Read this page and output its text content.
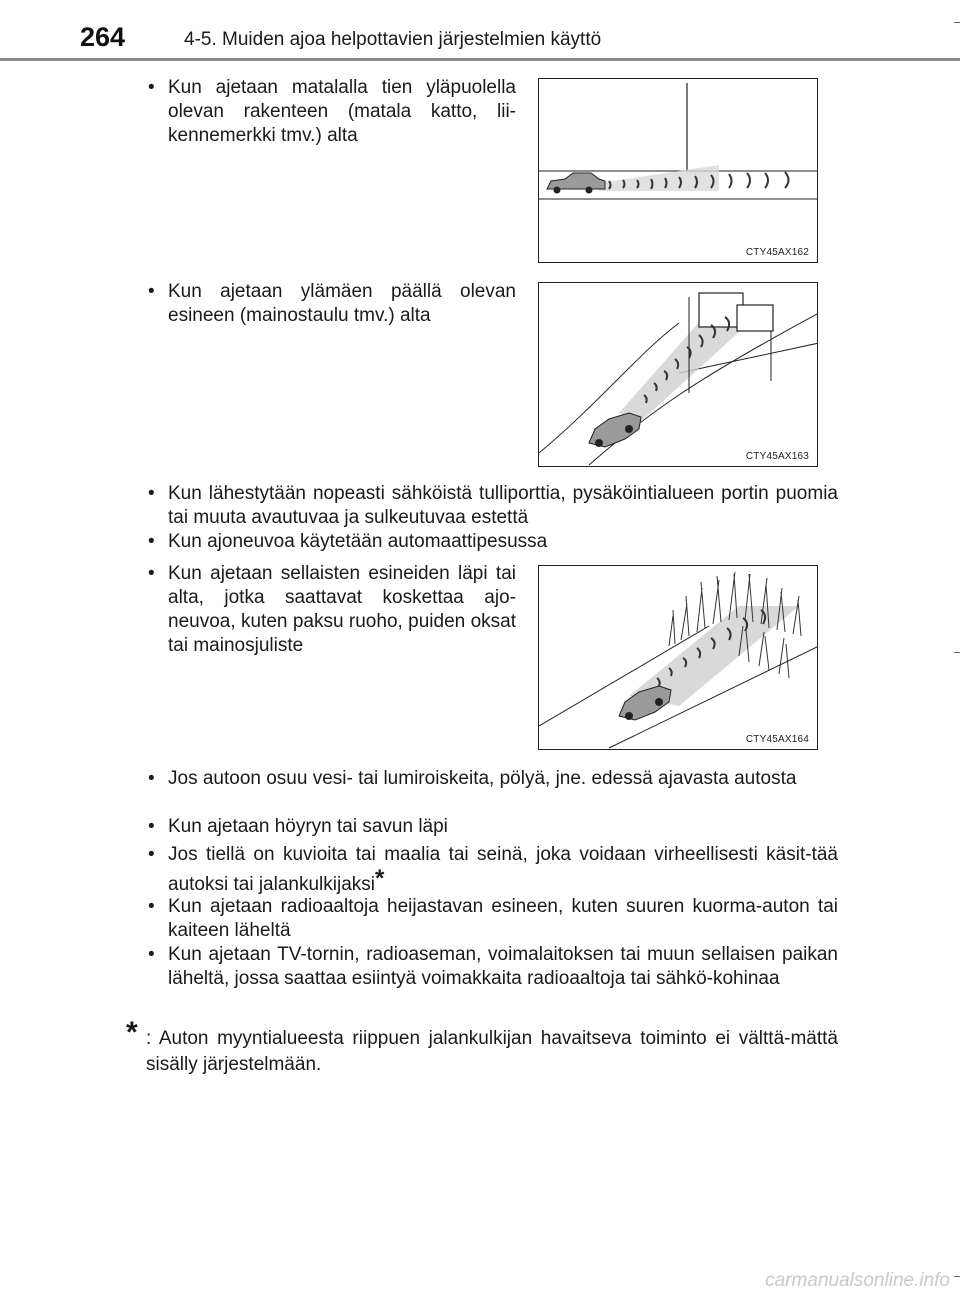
264	4-5. Muiden ajoa helpottavien järjestelmien käyttö
• Kun ajetaan matalalla tien yläpuolella olevan rakenteen (matala katto, lii-kennemerkki tmv.) alta
CTY45AX162
• Kun ajetaan ylämäen päällä olevan esineen (mainostaulu tmv.) alta
CTY45AX163
• Kun lähestytään nopeasti sähköistä tulliporttia, pysäköintialueen portin puomia tai muuta avautuvaa ja sulkeutuvaa estettä
• Kun ajoneuvoa käytetään automaattipesussa
• Kun ajetaan sellaisten esineiden läpi tai alta, jotka saattavat koskettaa ajo-neuvoa, kuten paksu ruoho, puiden oksat tai mainosjuliste
CTY45AX164
• Jos autoon osuu vesi- tai lumiroiskeita, pölyä, jne. edessä ajavasta autosta
• Kun ajetaan höyryn tai savun läpi
• Jos tiellä on kuvioita tai maalia tai seinä, joka voidaan virheellisesti käsit-tää autoksi tai jalankulkijaksi*
• Kun ajetaan radioaaltoja heijastavan esineen, kuten suuren kuorma-auton tai kaiteen läheltä
• Kun ajetaan TV-tornin, radioaseman, voimalaitoksen tai muun sellaisen paikan läheltä, jossa saattaa esiintyä voimakkaita radioaaltoja tai sähkö-kohinaa
* : Auton myyntialueesta riippuen jalankulkijan havaitseva toiminto ei välttä-mättä sisälly järjestelmään.
carmanualsonline.info
